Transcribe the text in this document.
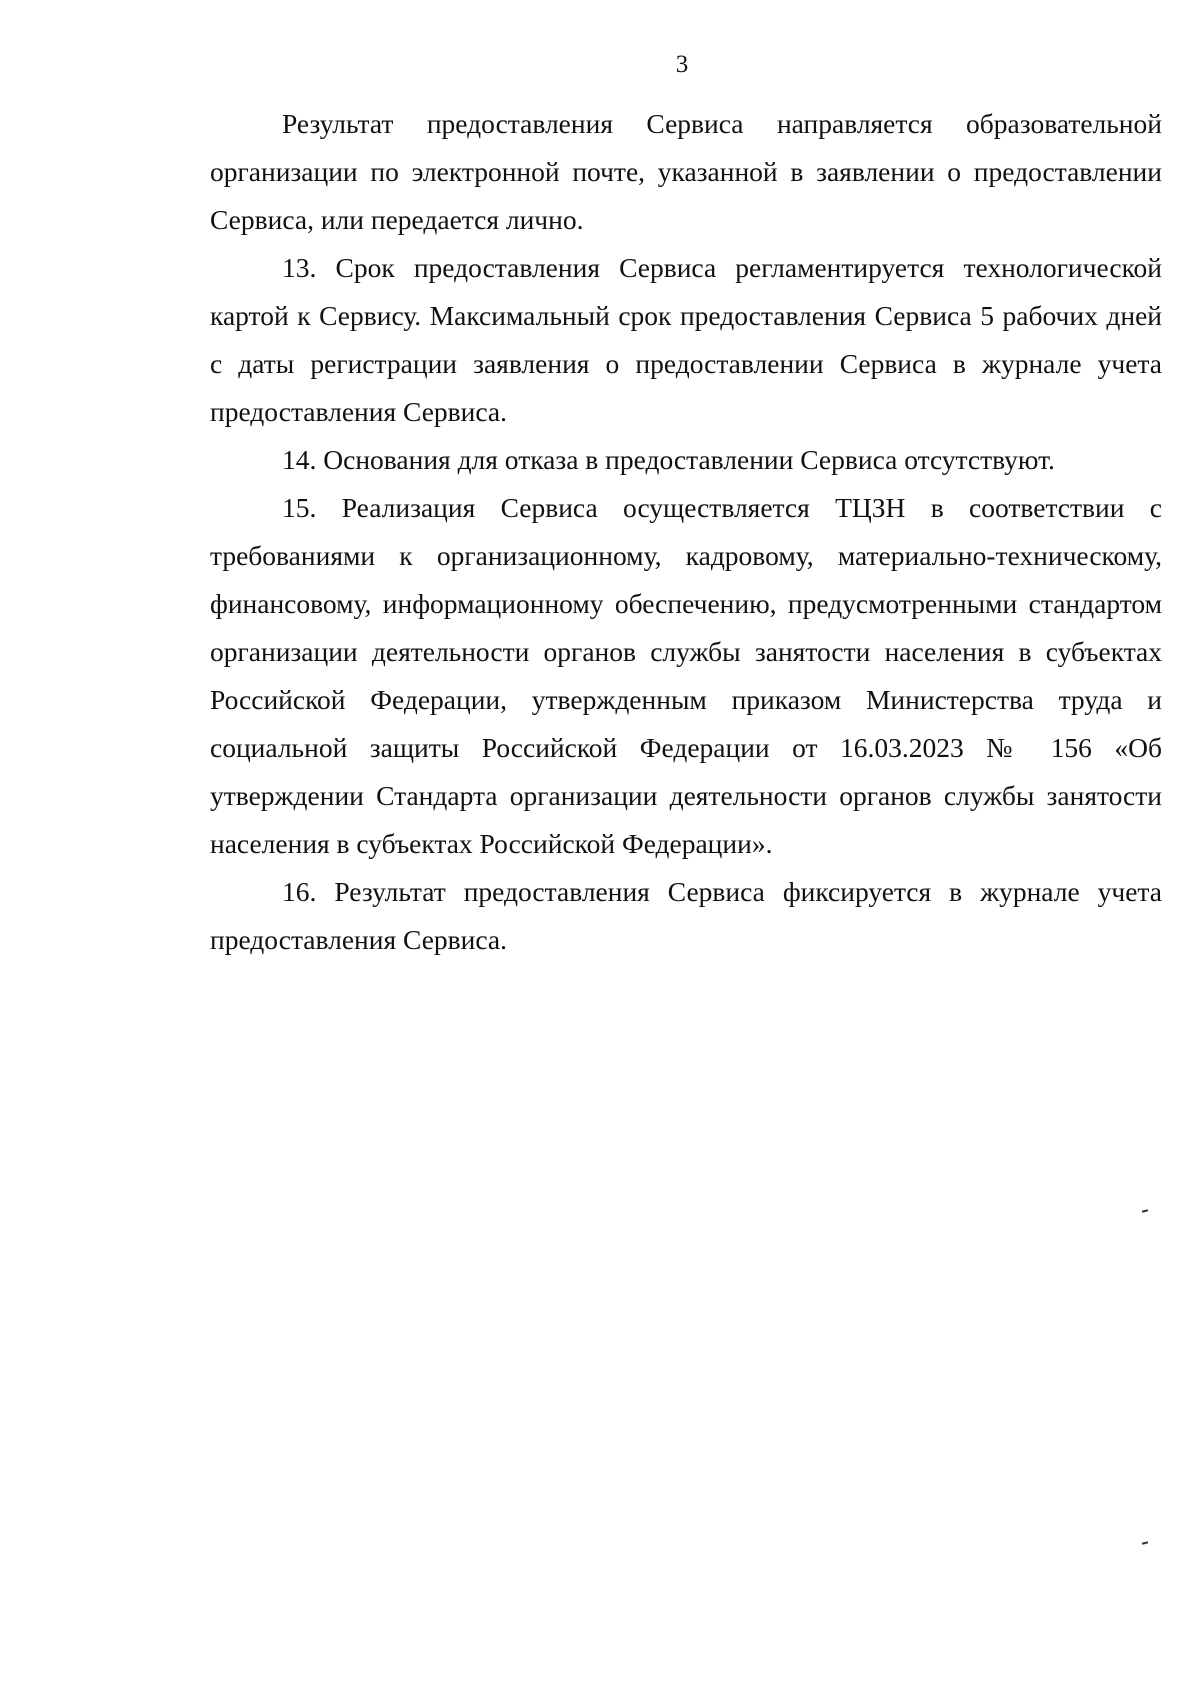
3

Результат предоставления Сервиса направляется образовательной организации по электронной почте, указанной в заявлении о предоставлении Сервиса, или передается лично.

13. Срок предоставления Сервиса регламентируется технологической картой к Сервису. Максимальный срок предоставления Сервиса 5 рабочих дней с даты регистрации заявления о предоставлении Сервиса в журнале учета предоставления Сервиса.

14. Основания для отказа в предоставлении Сервиса отсутствуют.

15. Реализация Сервиса осуществляется ТЦЗН в соответствии с требованиями к организационному, кадровому, материально-техническому, финансовому, информационному обеспечению, предусмотренными стандартом организации деятельности органов службы занятости населения в субъектах Российской Федерации, утвержденным приказом Министерства труда и социальной защиты Российской Федерации от 16.03.2023 № 156 «Об утверждении Стандарта организации деятельности органов службы занятости населения в субъектах Российской Федерации».

16. Результат предоставления Сервиса фиксируется в журнале учета предоставления Сервиса.
